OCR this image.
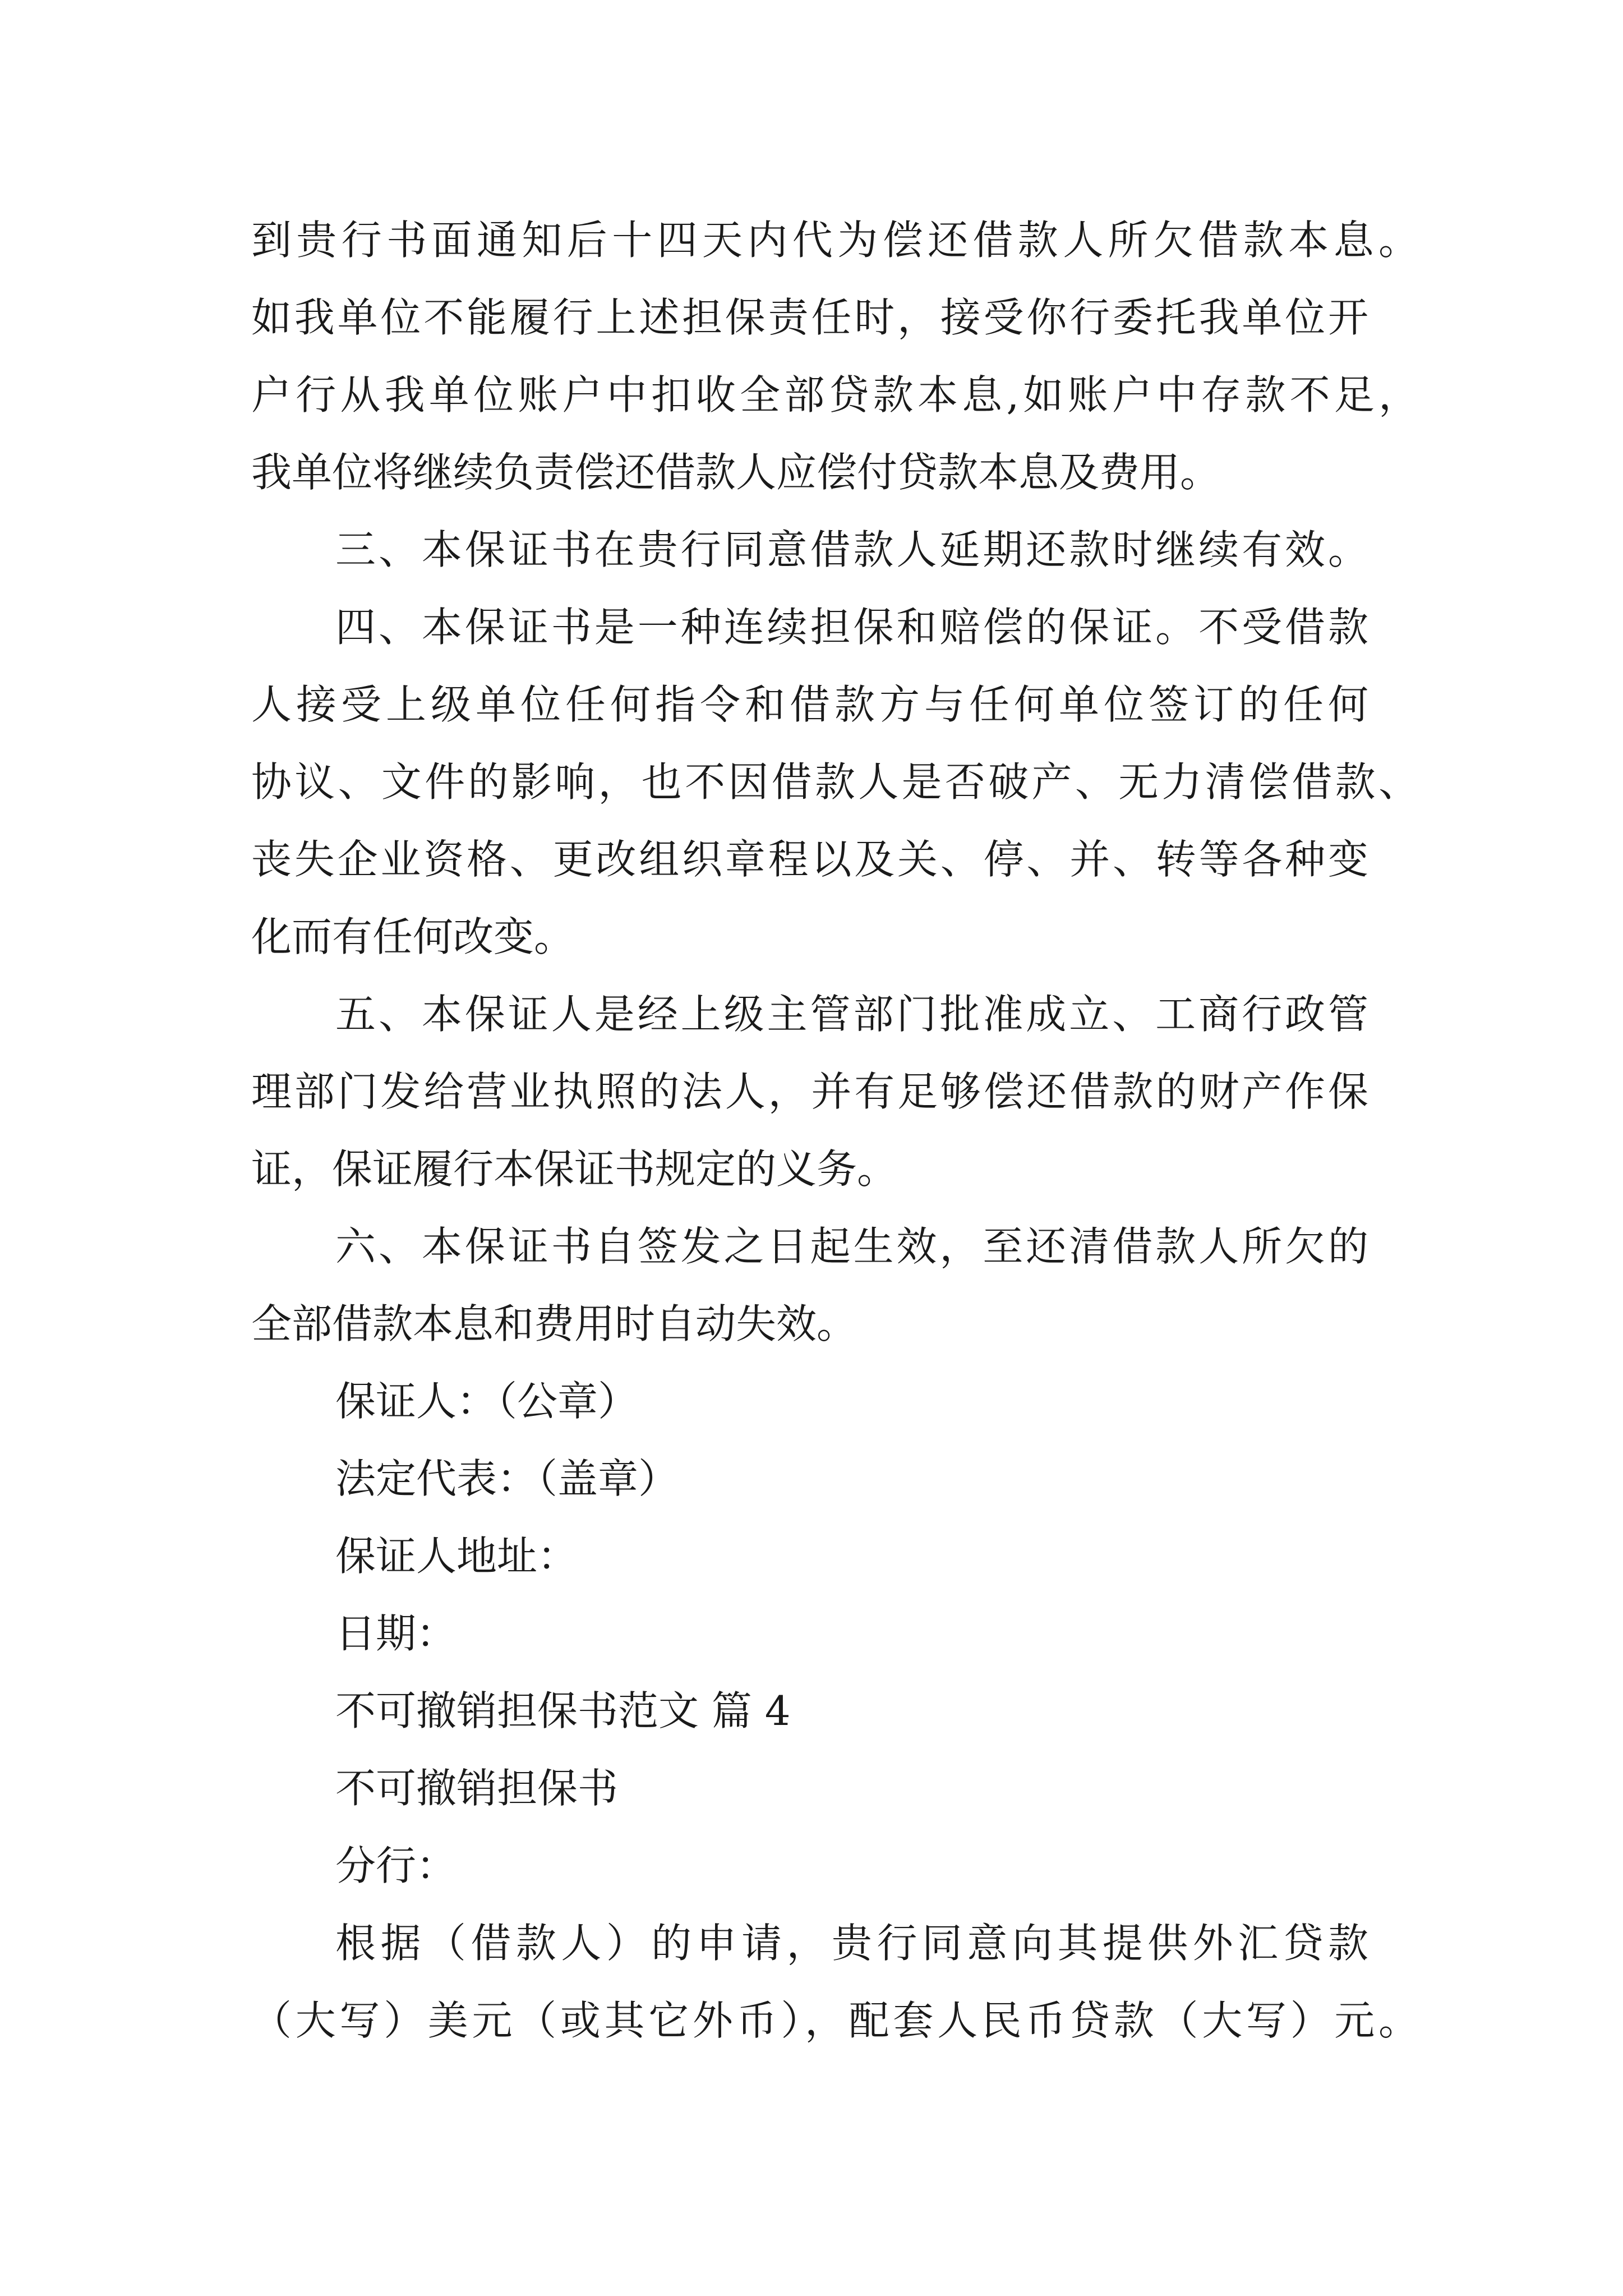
到贵行书面通知后十四天内代为偿还借款人所欠借款本息。

如我单位不能履行上述担保责任时，接受你行委托我单位开

户行从我单位账户中扣收全部贷款本息,如账户中存款不足，

我单位将继续负责偿还借款人应偿付贷款本息及费用。

三、本保证书在贵行同意借款人延期还款时继续有效。

四、本保证书是一种连续担保和赔偿的保证。不受借款

人接受上级单位任何指令和借款方与任何单位签订的任何

协议、文件的影响，也不因借款人是否破产、无力清偿借款、

丧失企业资格、更改组织章程以及关、停、并、转等各种变

化而有任何改变。

五、本保证人是经上级主管部门批准成立、工商行政管

理部门发给营业执照的法人，并有足够偿还借款的财产作保

证，保证履行本保证书规定的义务。

六、本保证书自签发之日起生效，至还清借款人所欠的

全部借款本息和费用时自动失效。

保证人：（公章）

法定代表：（盖章）

保证人地址：

日期：

不可撤销担保书范文 篇 4

不可撤销担保书

分行：

根据（借款人）的申请，贵行同意向其提供外汇贷款

（大写）美元（或其它外币），配套人民币贷款（大写）元。
